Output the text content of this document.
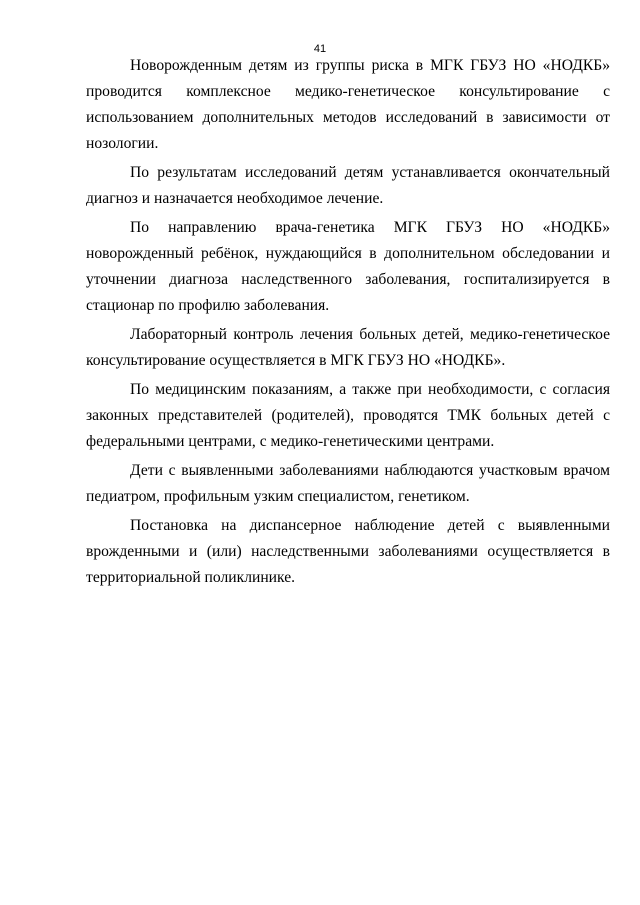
41

Новорожденным детям из группы риска в МГК ГБУЗ НО «НОДКБ» проводится комплексное медико-генетическое консультирование с использованием дополнительных методов исследований в зависимости от нозологии.

По результатам исследований детям устанавливается окончательный диагноз и назначается необходимое лечение.

По направлению врача-генетика МГК ГБУЗ НО «НОДКБ» новорожденный ребёнок, нуждающийся в дополнительном обследовании и уточнении диагноза наследственного заболевания, госпитализируется в стационар по профилю заболевания.

Лабораторный контроль лечения больных детей, медико-генетическое консультирование осуществляется в МГК ГБУЗ НО «НОДКБ».

По медицинским показаниям, а также при необходимости, с согласия законных представителей (родителей), проводятся ТМК больных детей с федеральными центрами, с медико-генетическими центрами.

Дети с выявленными заболеваниями наблюдаются участковым врачом педиатром, профильным узким специалистом, генетиком.

Постановка на диспансерное наблюдение детей с выявленными врожденными и (или) наследственными заболеваниями осуществляется в территориальной поликлинике.
